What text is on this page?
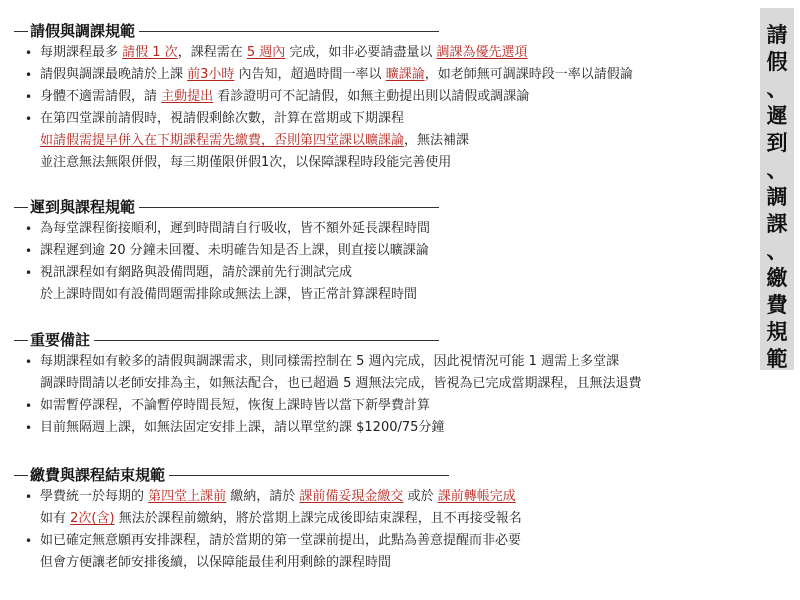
請假與調課規範
• 每期課程最多 請假 1 次，課程需在 5 週內 完成，如非必要請盡量以 調課為優先選項
• 請假與調課最晚請於上課 前3小時 內告知，超過時間一率以 曠課論，如老師無可調課時段一率以請假論
• 身體不適需請假，請 主動提出 看診證明可不記請假，如無主動提出則以請假或調課論
• 在第四堂課前請假時，視請假剩餘次數，計算在當期或下期課程
如請假需提早併入在下期課程需先繳費，否則第四堂課以曠課論，無法補課
並注意無法無限併假，每三期僅限併假1次，以保障課程時段能完善使用
遲到與課程規範
• 為每堂課程銜接順利，遲到時間請自行吸收，皆不額外延長課程時間
• 課程遲到逾 20 分鐘未回覆、未明確告知是否上課，則直接以曠課論
• 視訊課程如有網路與設備問題，請於課前先行測試完成
於上課時間如有設備問題需排除或無法上課，皆正常計算課程時間
重要備註
• 每期課程如有較多的請假與調課需求，則同樣需控制在 5 週內完成，因此視情況可能 1 週需上多堂課
調課時間請以老師安排為主，如無法配合，也已超過 5 週無法完成，皆視為已完成當期課程，且無法退費
• 如需暫停課程，不論暫停時間長短，恢復上課時皆以當下新學費計算
• 目前無隔週上課，如無法固定安排上課，請以單堂約課 $1200/75分鐘
繳費與課程結束規範
• 學費統一於每期的 第四堂上課前 繳納，請於 課前備妥現金繳交 或於 課前轉帳完成
如有 2次(含) 無法於課程前繳納，將於當期上課完成後即結束課程，且不再接受報名
• 如已確定無意願再安排課程，請於當期的第一堂課前提出，此點為善意提醒而非必要
但會方便讓老師安排後續，以保障能最佳利用剩餘的課程時間
請
假
、
遲
到
、
調
課
、
繳
費
規
範
